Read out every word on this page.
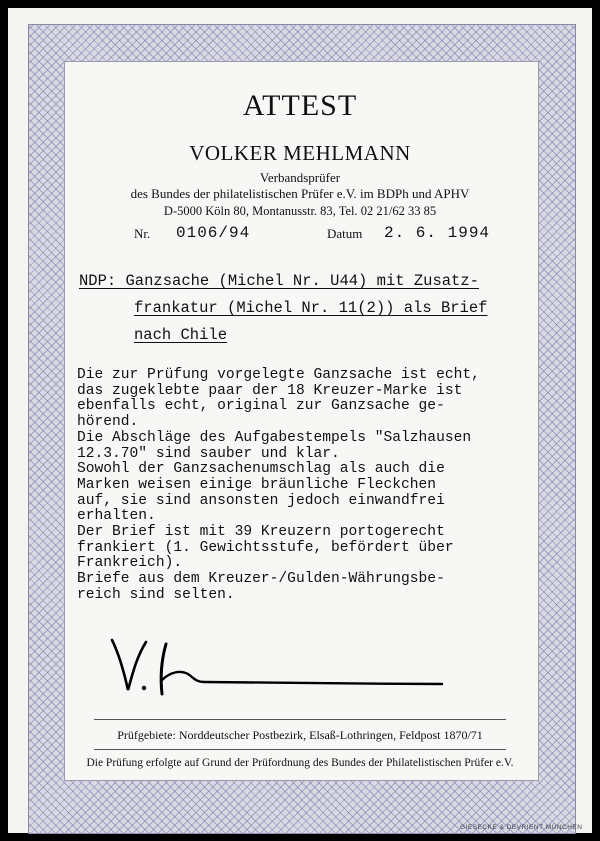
ATTEST
VOLKER MEHLMANN
Verbandsprüfer
des Bundes der philatelistischen Prüfer e.V. im BDPh und APHV
D-5000 Köln 80, Montanusstr. 83, Tel. 02 21/62 33 85
Nr. 0106/94	Datum 2. 6. 1994
NDP: Ganzsache (Michel Nr. U44) mit Zusatz-
frankatur (Michel Nr. 11(2)) als Brief
nach Chile
Die zur Prüfung vorgelegte Ganzsache ist echt,
das zugeklebte paar der 18 Kreuzer-Marke ist
ebenfalls echt, original zur Ganzsache ge-
hörend.
Die Abschläge des Aufgabestempels "Salzhausen
12.3.70" sind sauber und klar.
Sowohl der Ganzsachenumschlag als auch die
Marken weisen einige bräunliche Fleckchen
auf, sie sind ansonsten jedoch einwandfrei
erhalten.
Der Brief ist mit 39 Kreuzern portogerecht
frankiert (1. Gewichtsstufe, befördert über
Frankreich).
Briefe aus dem Kreuzer-/Gulden-Währungsbe-
reich sind selten.
Prüfgebiete: Norddeutscher Postbezirk, Elsaß-Lothringen, Feldpost 1870/71
Die Prüfung erfolgte auf Grund der Prüfordnung des Bundes der Philatelistischen Prüfer e.V.
GIESECKE & DEVRIENT MÜNCHEN
